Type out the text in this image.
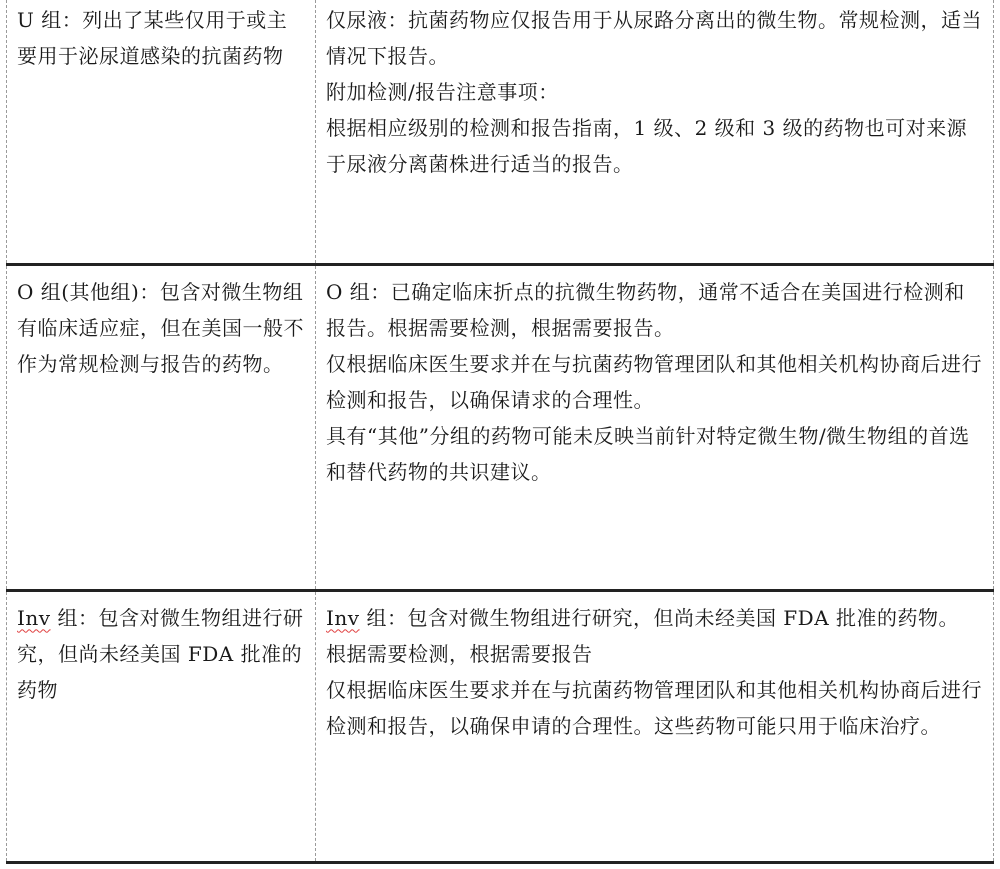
U 组：列出了某些仅用于或主要用于泌尿道感染的抗菌药物	仅尿液：抗菌药物应仅报告用于从尿路分离出的微生物。常规检测，适当情况下报告。
附加检测/报告注意事项：
根据相应级别的检测和报告指南，1 级、2 级和 3 级的药物也可对来源于尿液分离菌株进行适当的报告。

O 组(其他组)：包含对微生物组有临床适应症，但在美国一般不作为常规检测与报告的药物。	O 组：已确定临床折点的抗微生物药物，通常不适合在美国进行检测和报告。根据需要检测，根据需要报告。
仅根据临床医生要求并在与抗菌药物管理团队和其他相关机构协商后进行检测和报告，以确保请求的合理性。
具有“其他”分组的药物可能未反映当前针对特定微生物/微生物组的首选和替代药物的共识建议。

Inv 组：包含对微生物组进行研究，但尚未经美国 FDA 批准的药物	Inv 组：包含对微生物组进行研究，但尚未经美国 FDA 批准的药物。
根据需要检测，根据需要报告
仅根据临床医生要求并在与抗菌药物管理团队和其他相关机构协商后进行检测和报告，以确保申请的合理性。这些药物可能只用于临床治疗。
